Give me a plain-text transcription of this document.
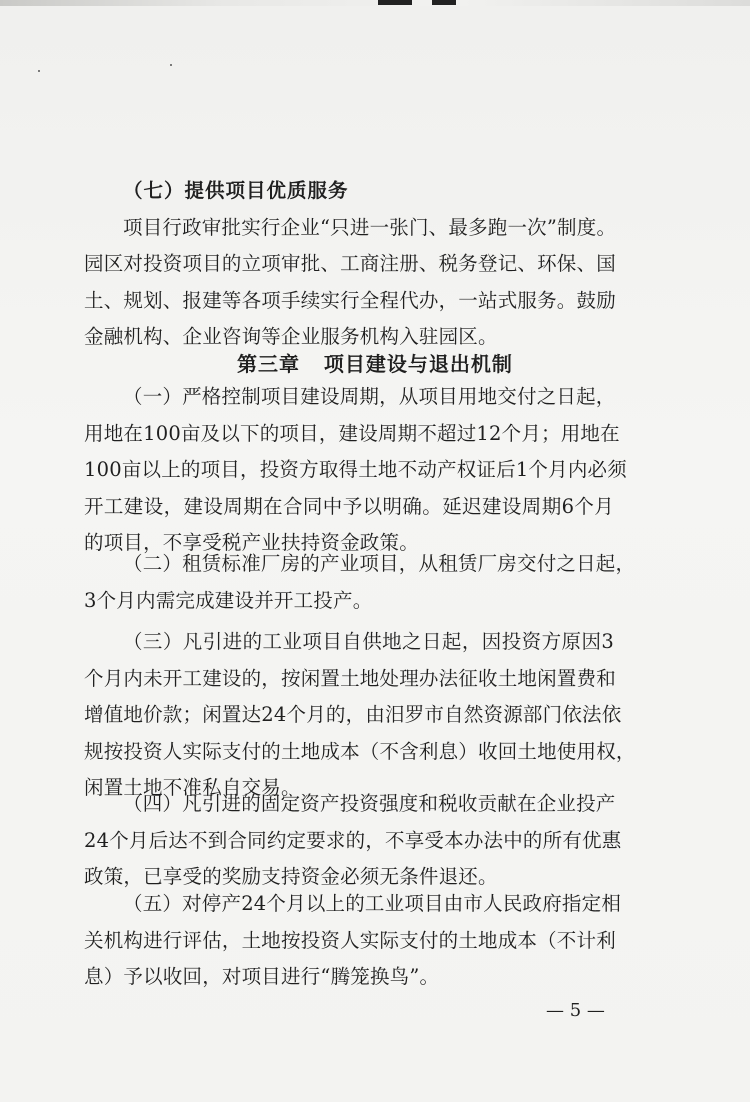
（七）提供项目优质服务
项目行政审批实行企业“只进一张门、最多跑一次”制度。
园区对投资项目的立项审批、工商注册、税务登记、环保、国
土、规划、报建等各项手续实行全程代办，一站式服务。鼓励
金融机构、企业咨询等企业服务机构入驻园区。
第三章   项目建设与退出机制
（一）严格控制项目建设周期，从项目用地交付之日起，
用地在100亩及以下的项目，建设周期不超过12个月；用地在
100亩以上的项目，投资方取得土地不动产权证后1个月内必须
开工建设，建设周期在合同中予以明确。延迟建设周期6个月
的项目，不享受税产业扶持资金政策。
（二）租赁标准厂房的产业项目，从租赁厂房交付之日起，
3个月内需完成建设并开工投产。
（三）凡引进的工业项目自供地之日起，因投资方原因3
个月内未开工建设的，按闲置土地处理办法征收土地闲置费和
增值地价款；闲置达24个月的，由汨罗市自然资源部门依法依
规按投资人实际支付的土地成本（不含利息）收回土地使用权，
闲置土地不准私自交易。
（四）凡引进的固定资产投资强度和税收贡献在企业投产
24个月后达不到合同约定要求的，不享受本办法中的所有优惠
政策，已享受的奖励支持资金必须无条件退还。
（五）对停产24个月以上的工业项目由市人民政府指定相
关机构进行评估，土地按投资人实际支付的土地成本（不计利
息）予以收回，对项目进行“腾笼换鸟”。
— 5 —
